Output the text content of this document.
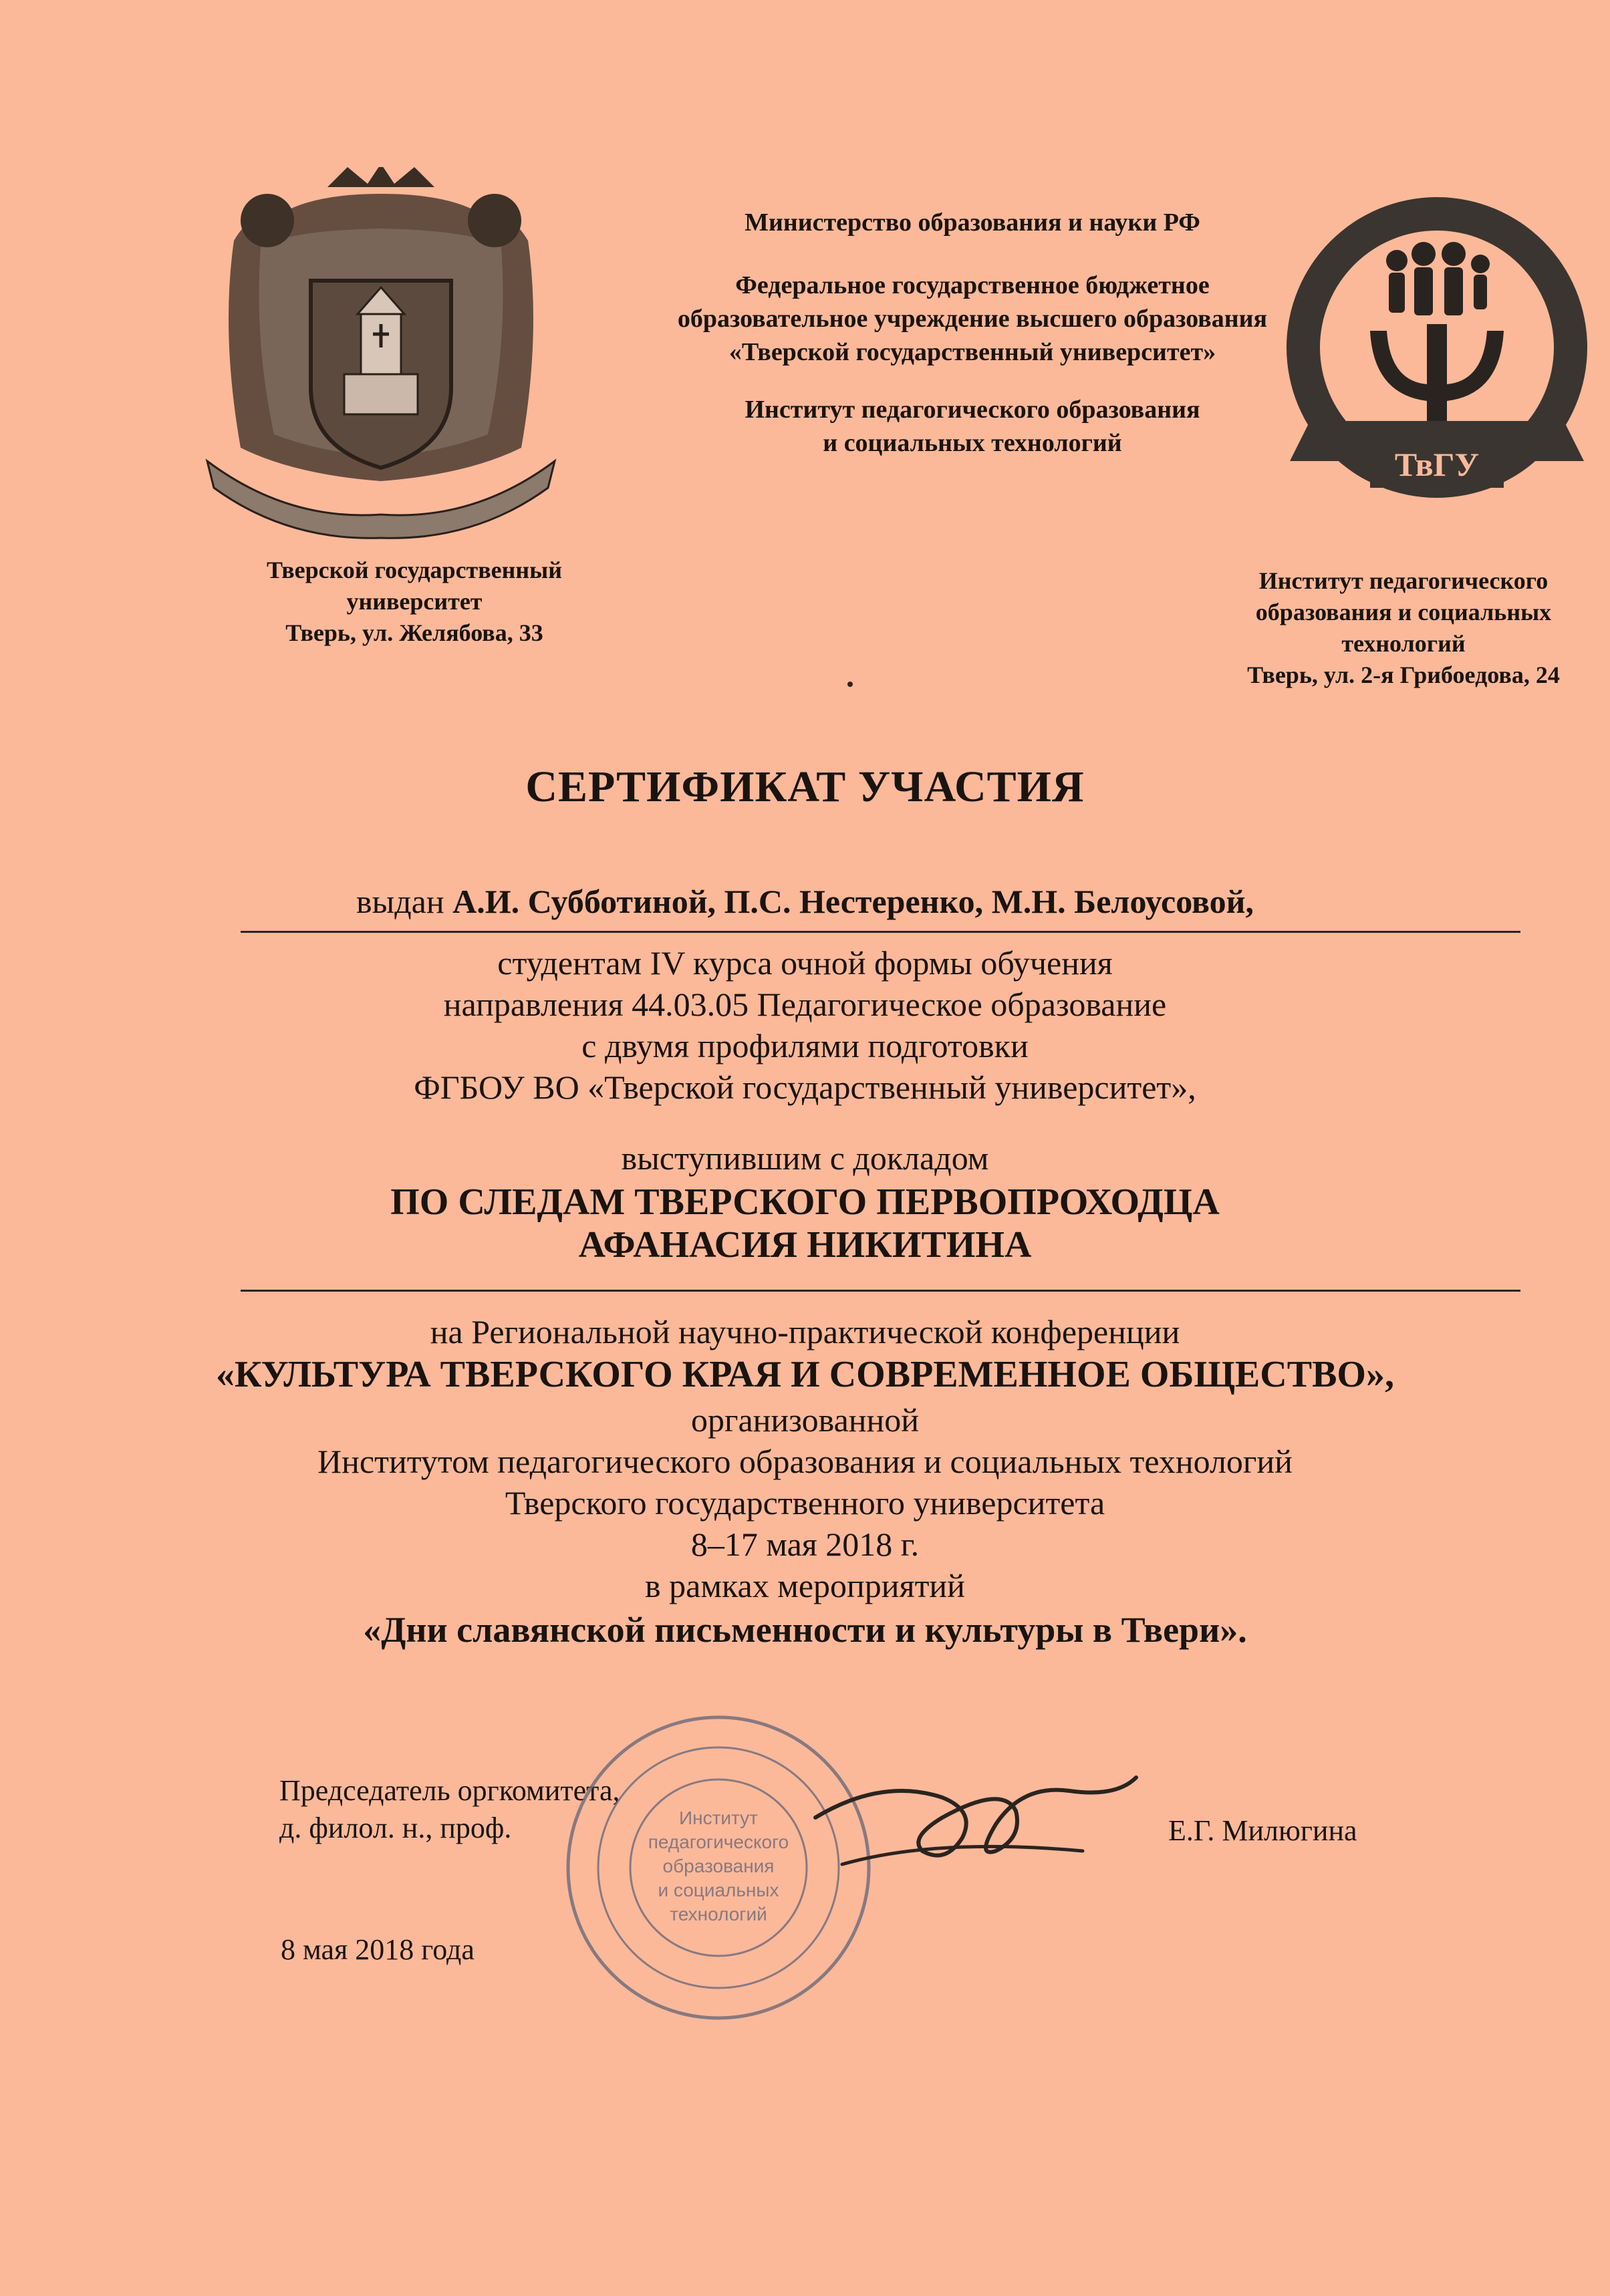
Министерство образования и науки РФ
Федеральное государственное бюджетное
образовательное учреждение высшего образования
«Тверской государственный университет»
Институт педагогического образования
и социальных технологий
ТвГУ
Тверской государственный
университет
Тверь, ул. Желябова, 33
Институт педагогического
образования и социальных
технологий
Тверь, ул. 2-я Грибоедова, 24
СЕРТИФИКАТ УЧАСТИЯ
выдан А.И. Субботиной, П.С. Нестеренко, М.Н. Белоусовой,
студентам IV курса очной формы обучения
направления 44.03.05 Педагогическое образование
с двумя профилями подготовки
ФГБОУ ВО «Тверской государственный университет»,
выступившим с докладом
ПО СЛЕДАМ ТВЕРСКОГО ПЕРВОПРОХОДЦА
АФАНАСИЯ НИКИТИНА
на Региональной научно-практической конференции
«КУЛЬТУРА ТВЕРСКОГО КРАЯ И СОВРЕМЕННОЕ ОБЩЕСТВО»,
организованной
Институтом педагогического образования и социальных технологий
Тверского государственного университета
8–17 мая 2018 г.
в рамках мероприятий
«Дни славянской письменности и культуры в Твери».
Председатель оргкомитета,
д. филол. н., проф.	Е.Г. Милюгина
8 мая 2018 года
Институт
педагогического
образования
и социальных
технологий
